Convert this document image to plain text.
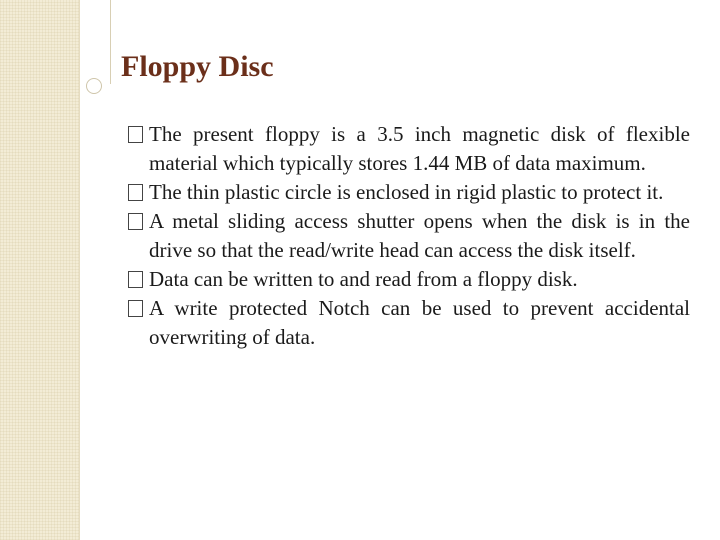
Floppy Disc
The present floppy is a 3.5 inch magnetic disk of flexible material which typically stores 1.44 MB of data maximum.
The thin plastic circle is enclosed in rigid plastic to protect it.
A metal sliding access shutter opens when the disk is in the drive so that the read/write head can access the disk itself.
Data can be written to and read from a floppy disk.
A write protected Notch can be used to prevent accidental overwriting of data.
